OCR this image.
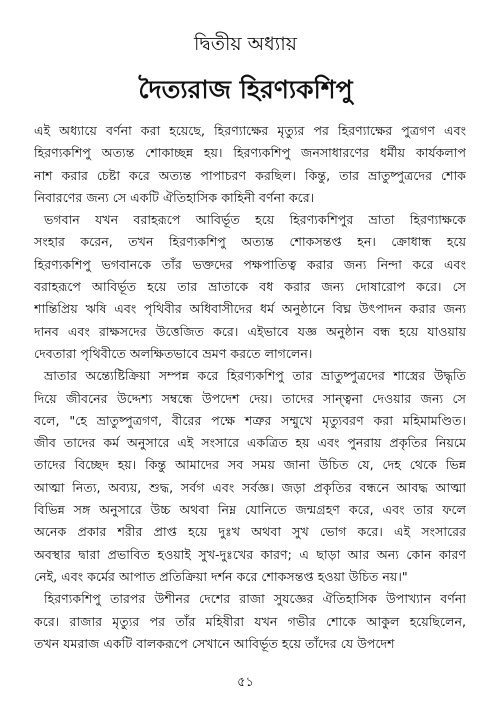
দ্বিতীয় অধ্যায়
দৈত্যরাজ হিরণ্যকশিপু
এই অধ্যায়ে বর্ণনা করা হয়েছে, হিরণ্যাক্ষের মৃত্যুর পর হিরণ্যাক্ষের পুত্রগণ এবং
হিরণ্যকশিপু অত্যন্ত শোকাচ্ছন্ন হয়। হিরণ্যকশিপু জনসাধারণের ধর্মীয় কার্যকলাপ
নাশ করার চেষ্টা করে অত্যন্ত পাপাচরণ করছিল। কিন্তু, তার ভ্রাতুষ্পুত্রদের শোক
নিবারণের জন্য সে একটি ঐতিহাসিক কাহিনী বর্ণনা করে।
ভগবান যখন বরাহরূপে আবির্ভূত হয়ে হিরণ্যকশিপুর ভ্রাতা হিরণ্যাক্ষকে
সংহার করেন, তখন হিরণ্যকশিপু অত্যন্ত শোকসন্তপ্ত হন। ক্রোধান্ধ হয়ে
হিরণ্যকশিপু ভগবানকে তাঁর ভক্তদের পক্ষপাতিত্ব করার জন্য নিন্দা করে এবং
বরাহরূপে আবির্ভূত হয়ে তার ভ্রাতাকে বধ করার জন্য দোষারোপ করে। সে
শান্তিপ্রিয় ঋষি এবং পৃথিবীর অধিবাসীদের ধর্ম অনুষ্ঠানে বিঘ্ন উৎপাদন করার জন্য
দানব এবং রাক্ষসদের উত্তেজিত করে। এইভাবে যজ্ঞ অনুষ্ঠান বন্ধ হয়ে যাওয়ায়
দেবতারা পৃথিবীতে অলক্ষিতভাবে ভ্রমণ করতে লাগলেন।
ভ্রাতার অন্ত্যেষ্টিক্রিয়া সম্পন্ন করে হিরণ্যকশিপু তার ভ্রাতুষ্পুত্রদের শাস্ত্রের উদ্ধৃতি
দিয়ে জীবনের উদ্দেশ্য সম্বন্ধে উপদেশ দেয়। তাদের সান্ত্বনা দেওয়ার জন্য সে
বলে, "হে ভ্রাতুষ্পুত্রগণ, বীরের পক্ষে শত্রুর সম্মুখে মৃত্যুবরণ করা মহিমামণ্ডিত।
জীব তাদের কর্ম অনুসারে এই সংসারে একত্রিত হয় এবং পুনরায় প্রকৃতির নিয়মে
তাদের বিচ্ছেদ হয়। কিন্তু আমাদের সব সময় জানা উচিত যে, দেহ থেকে ভিন্ন
আত্মা নিত্য, অব্যয়, শুদ্ধ, সর্বগ এবং সর্বজ্ঞ। জড়া প্রকৃতির বন্ধনে আবদ্ধ আত্মা
বিভিন্ন সঙ্গ অনুসারে উচ্চ অথবা নিম্ন যোনিতে জন্মগ্রহণ করে, এবং তার ফলে
অনেক প্রকার শরীর প্রাপ্ত হয়ে দুঃখ অথবা সুখ ভোগ করে। এই সংসারের
অবস্থার দ্বারা প্রভাবিত হওয়াই সুখ-দুঃখের কারণ; এ ছাড়া আর অন্য কোন কারণ
নেই, এবং কর্মের আপাত প্রতিক্রিয়া দর্শন করে শোকসন্তপ্ত হওয়া উচিত নয়।"
হিরণ্যকশিপু তারপর উশীনর দেশের রাজা সুযজ্ঞের ঐতিহাসিক উপাখ্যান বর্ণনা
করে। রাজার মৃত্যুর পর তাঁর মহিষীরা যখন গভীর শোকে আকুল হয়েছিলেন,
তখন যমরাজ একটি বালকরূপে সেখানে আবির্ভূত হয়ে তাঁদের যে উপদেশ
৫১
